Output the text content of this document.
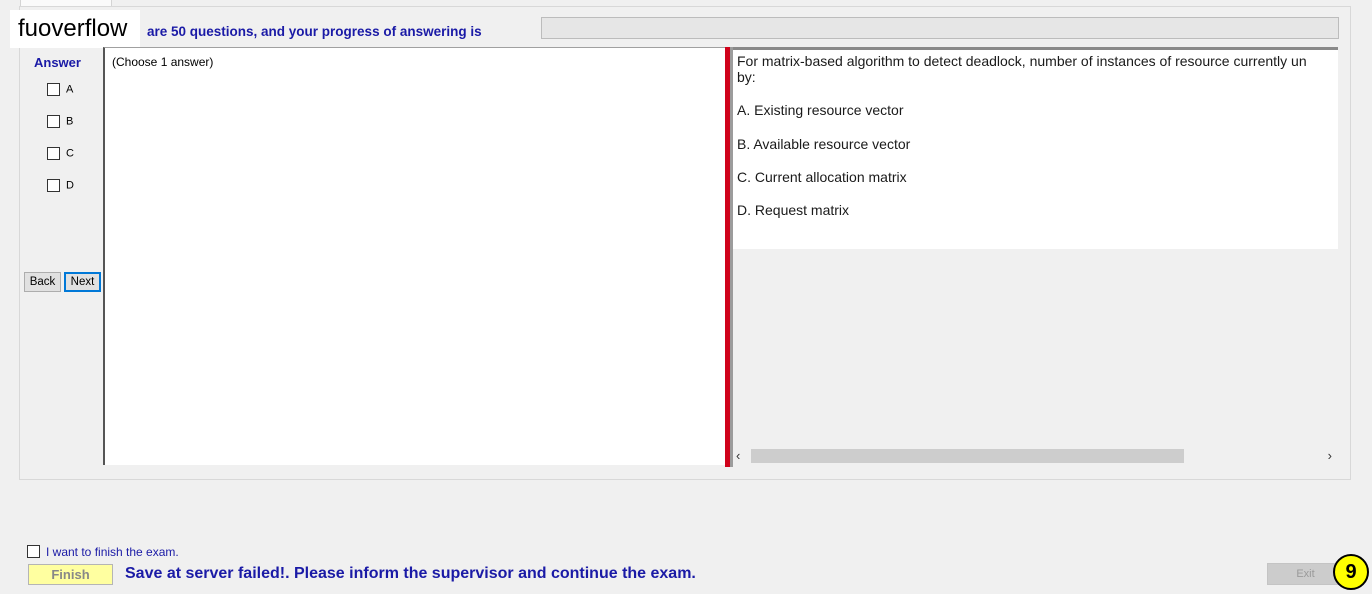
fuoverflow	are 50 questions, and your progress of answering is
Answer
A
B
C
D
Back	Next
(Choose 1 answer)	For matrix-based algorithm to detect deadlock, number of instances of resource currently un
by:
A. Existing resource vector
B. Available resource vector
C. Current allocation matrix
D. Request matrix
‹	›
I want to finish the exam.
Finish	Save at server failed!. Please inform the supervisor and continue the exam.	Exit	9
